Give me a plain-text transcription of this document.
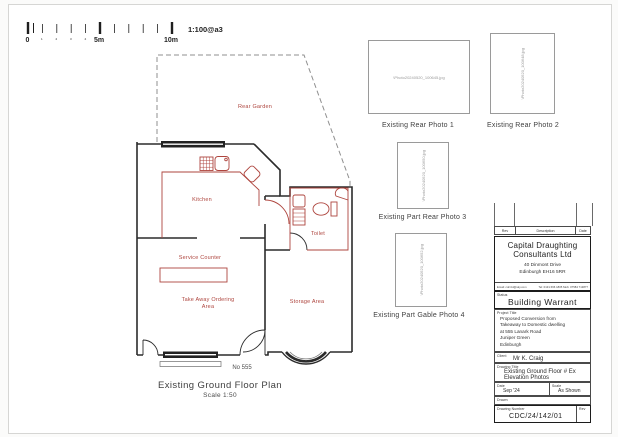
0	5m	10m
1	2	3	4
1:100@a3
Rear Garden
Kitchen
Toilet
Service Counter
Take Away Ordering Area
Storage Area
No 555
Existing Ground Floor Plan
Scale 1:50
\Photo20240520_100645.jpg
Existing Rear Photo 1
\Photo20240520_100648.jpg
Existing Rear Photo 2
\Photo20240520_100650.jpg
Existing Part Rear Photo 3
\Photo20240520_100652.jpg
Existing Part Gable Photo 4
Rev	Description	Date
Capital Draughting Consultants Ltd
40 Dinmont Drive
Edinburgh EH16 5RR
Email: cdc.ltd@sky.com	Tel: 0131 666 1805 Mob: 07584 713877
Status
Building Warrant
Project Title
Proposed Conversion from
Takeaway to Domestic dwelling
at 555 Lanark Road
Juniper Green
Edinburgh
Client Mr K. Craig
Drawing Title
Existing Ground Floor # Ex
Elevation Photos
Date
Sep '24
Scale
As Shown
Drawn
Drawing Number
CDC/24/142/01
Rev
